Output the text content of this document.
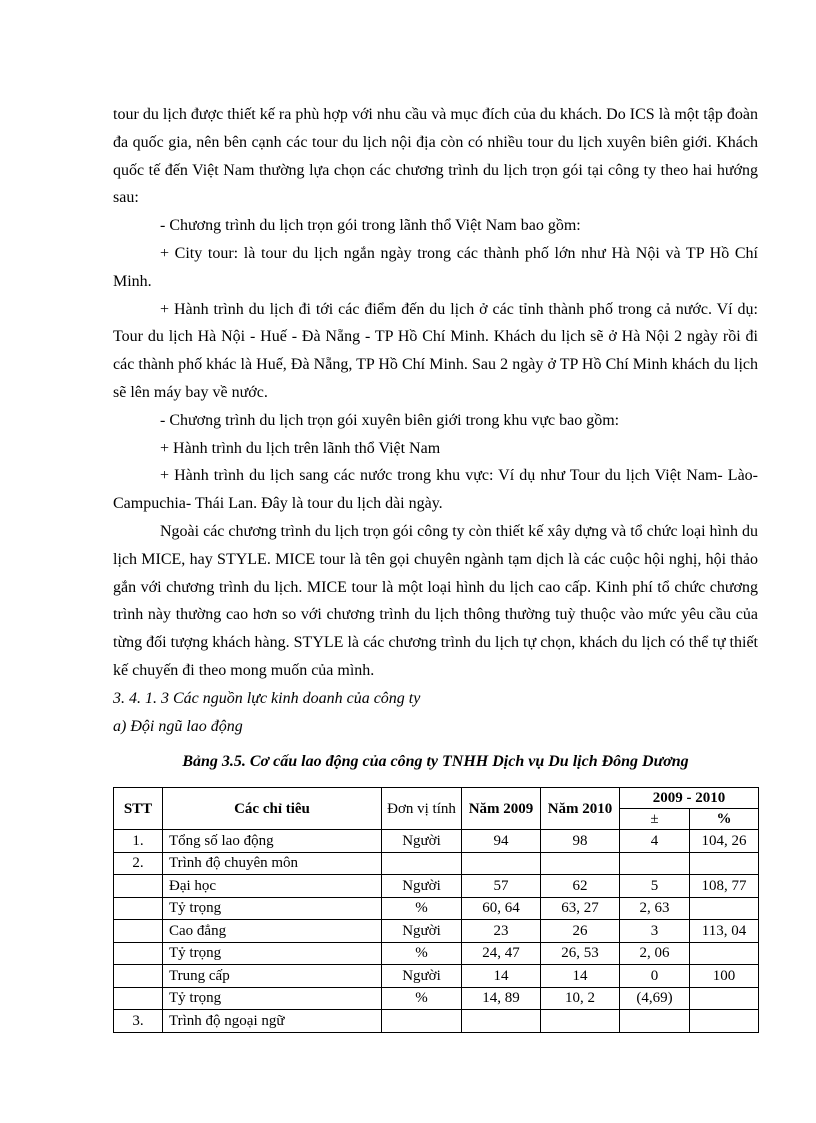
tour du lịch được thiết kế ra phù hợp với nhu cầu và mục đích của du khách. Do ICS là một tập đoàn đa quốc gia, nên bên cạnh các tour du lịch nội địa còn có nhiều tour du lịch xuyên biên giới. Khách quốc tế đến Việt Nam thường lựa chọn các chương trình du lịch trọn gói tại công ty theo hai hướng sau:

- Chương trình du lịch trọn gói trong lãnh thổ Việt Nam bao gồm:

+ City tour: là tour du lịch ngắn ngày trong các thành phố lớn như Hà Nội và TP Hồ Chí Minh.

+ Hành trình du lịch đi tới các điểm đến du lịch ở các tỉnh thành phố trong cả nước. Ví dụ: Tour du lịch Hà Nội - Huế - Đà Nẵng - TP Hồ Chí Minh. Khách du lịch sẽ ở Hà Nội 2 ngày rồi đi các thành phố khác là Huế, Đà Nẵng, TP Hồ Chí Minh. Sau 2 ngày ở TP Hồ Chí Minh khách du lịch sẽ lên máy bay về nước.

- Chương trình du lịch trọn gói xuyên biên giới trong khu vực bao gồm:

+ Hành trình du lịch trên lãnh thổ Việt Nam

+ Hành trình du lịch sang các nước trong khu vực: Ví dụ như Tour du lịch Việt Nam- Lào- Campuchia- Thái Lan. Đây là tour du lịch dài ngày.

Ngoài các chương trình du lịch trọn gói công ty còn thiết kế xây dựng và tổ chức loại hình du lịch MICE, hay STYLE. MICE tour là tên gọi chuyên ngành tạm dịch là các cuộc hội nghị, hội thảo gắn với chương trình du lịch. MICE tour là một loại hình du lịch cao cấp. Kinh phí tổ chức chương trình này thường cao hơn so với chương trình du lịch thông thường tuỳ thuộc vào mức yêu cầu của từng đối tượng khách hàng. STYLE là các chương trình du lịch tự chọn, khách du lịch có thể tự thiết kế chuyến đi theo mong muốn của mình.

3. 4. 1. 3 Các nguồn lực kinh doanh của công ty

a) Đội ngũ lao động

Bảng 3.5. Cơ cấu lao động của công ty TNHH Dịch vụ Du lịch Đông Dương
STT	Các chỉ tiêu	Đơn vị tính	Năm 2009	Năm 2010	2009 - 2010	
					±	%
1.	Tổng số lao động	Người	94	98	4	104, 26
2.	Trình độ chuyên môn					
	Đại học	Người	57	62	5	108, 77
	Tỷ trọng	%	60, 64	63, 27	2, 63	
	Cao đẳng	Người	23	26	3	113, 04
	Tỷ trọng	%	24, 47	26, 53	2, 06	
	Trung cấp	Người	14	14	0	100
	Tỷ trọng	%	14, 89	10, 2	(4,69)	
3.	Trình độ ngoại ngữ					
